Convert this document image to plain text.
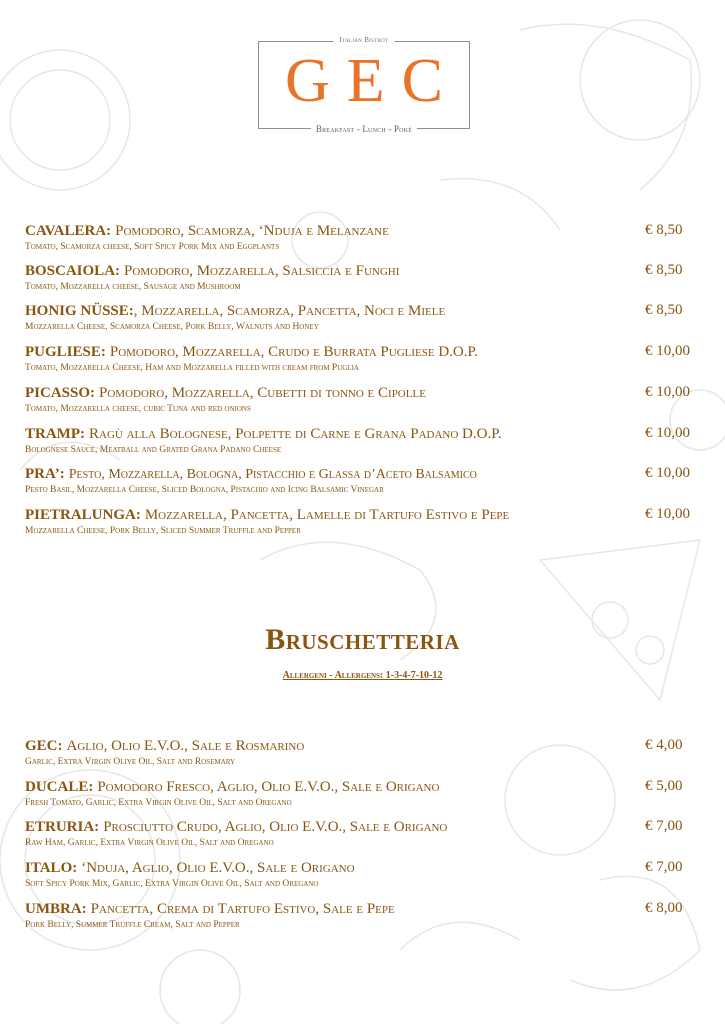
Italian Bistrot
GEC
Breakfast - Lunch - Poké
CAVALERA: Pomodoro, Scamorza, ‘Nduja e Melanzane	€ 8,50
Tomato, Scamorza cheese, Soft Spicy Pork Mix and Eggplants
BOSCAIOLA: Pomodoro, Mozzarella, Salsiccia e Funghi	€ 8,50
Tomato, Mozzarella cheese, Sausage and Mushroom
HONIG NÜSSE:, Mozzarella, Scamorza, Pancetta, Noci e Miele	€ 8,50
Mozzarella Cheese, Scamorza Cheese, Pork Belly, Walnuts and Honey
PUGLIESE: Pomodoro, Mozzarella, Crudo e Burrata Pugliese D.O.P.	€ 10,00
Tomato, Mozzarella Cheese, Ham and Mozzarella filled with cream from Puglia
PICASSO: Pomodoro, Mozzarella, Cubetti di tonno e Cipolle	€ 10,00
Tomato, Mozzarella cheese, cubic Tuna and red onions
TRAMP: Ragù alla Bolognese, Polpette di Carne e Grana Padano D.O.P.	€ 10,00
Bolognese Sauce, Meatball and Grated Grana Padano Cheese
PRA’: Pesto, Mozzarella, Bologna, Pistacchio e Glassa d’Aceto Balsamico	€ 10,00
Pesto Basil, Mozzarella Cheese, Sliced Bologna, Pistachio and Icing Balsamic Vinegar
PIETRALUNGA: Mozzarella, Pancetta, Lamelle di Tartufo Estivo e Pepe	€ 10,00
Mozzarella Cheese, Pork Belly, Sliced Summer Truffle and Pepper
Bruschetteria
Allergeni - Allergens: 1-3-4-7-10-12
GEC: Aglio, Olio E.V.O., Sale e Rosmarino	€ 4,00
Garlic, Extra Virgin Olive Oil, Salt and Rosemary
DUCALE: Pomodoro Fresco, Aglio, Olio E.V.O., Sale e Origano	€ 5,00
Fresh Tomato, Garlic, Extra Virgin Olive Oil, Salt and Oregano
ETRURIA: Prosciutto Crudo, Aglio, Olio E.V.O., Sale e Origano	€ 7,00
Raw Ham, Garlic, Extra Virgin Olive Oil, Salt and Oregano
ITALO: ‘Nduja, Aglio, Olio E.V.O., Sale e Origano	€ 7,00
Soft Spicy Pork Mix, Garlic, Extra Virgin Olive Oil, Salt and Oregano
UMBRA: Pancetta, Crema di Tartufo Estivo, Sale e Pepe	€ 8,00
Pork Belly, Summer Truffle Cream, Salt and Pepper
